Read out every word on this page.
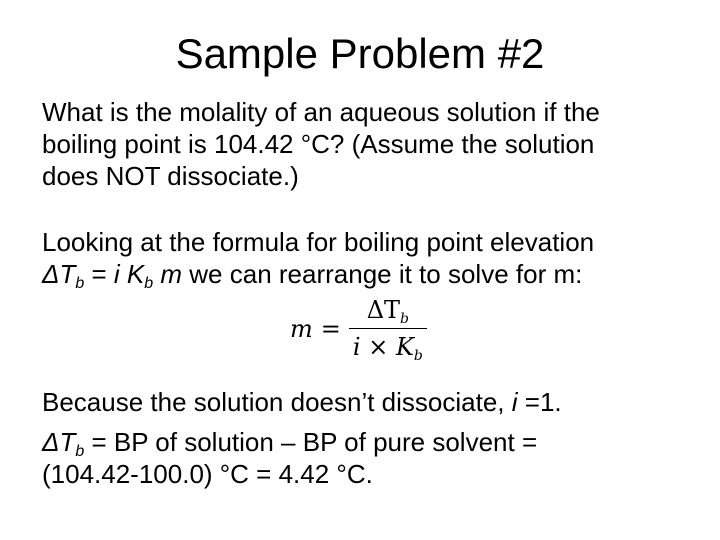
Sample Problem #2
What is the molality of an aqueous solution if the
boiling point is 104.42 °C? (Assume the solution
does NOT dissociate.)
Looking at the formula for boiling point elevation
$\Delta T_b = i$ $K_b$ m we can rearrange it to solve for m:
$m = \frac{\Delta T_b}{i \times K_b}$
Because the solution doesn’t dissociate, i =1.
$\Delta T_b$ = BP of solution – BP of pure solvent =
(104.42-100.0) °C = 4.42 °C.
